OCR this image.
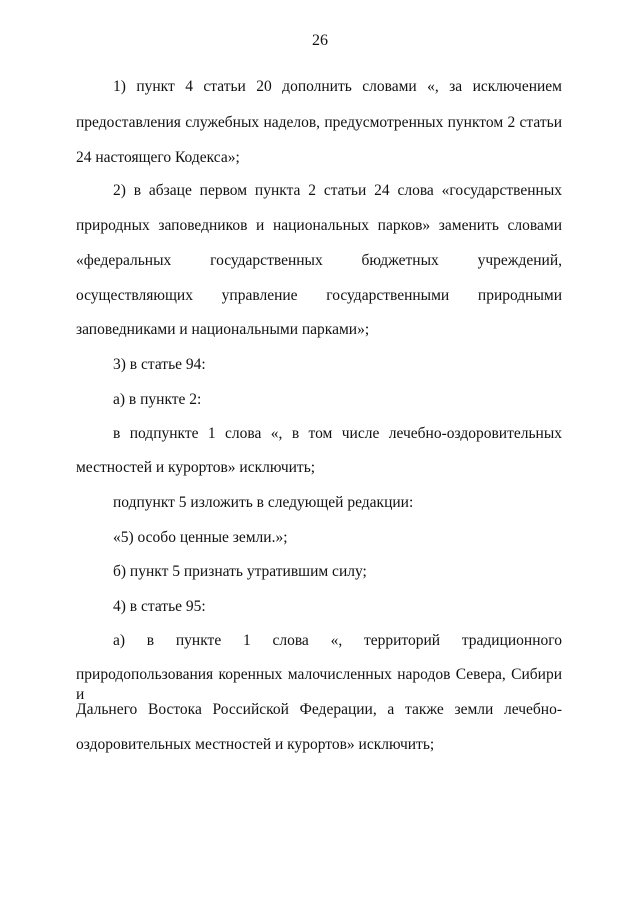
26
1) пункт 4 статьи 20 дополнить словами «, за исключением
предоставления служебных наделов, предусмотренных пунктом 2 статьи
24 настоящего Кодекса»;
2) в абзаце первом пункта 2 статьи 24 слова «государственных
природных заповедников и национальных парков» заменить словами
«федеральных государственных бюджетных учреждений,
осуществляющих управление государственными природными
заповедниками и национальными парками»;
3) в статье 94:
а) в пункте 2:
в подпункте 1 слова «, в том числе лечебно-оздоровительных
местностей и курортов» исключить;
подпункт 5 изложить в следующей редакции:
«5) особо ценные земли.»;
б) пункт 5 признать утратившим силу;
4) в статье 95:
а) в пункте 1 слова «, территорий традиционного
природопользования коренных малочисленных народов Севера, Сибири и
Дальнего Востока Российской Федерации, а также земли лечебно-
оздоровительных местностей и курортов» исключить;
